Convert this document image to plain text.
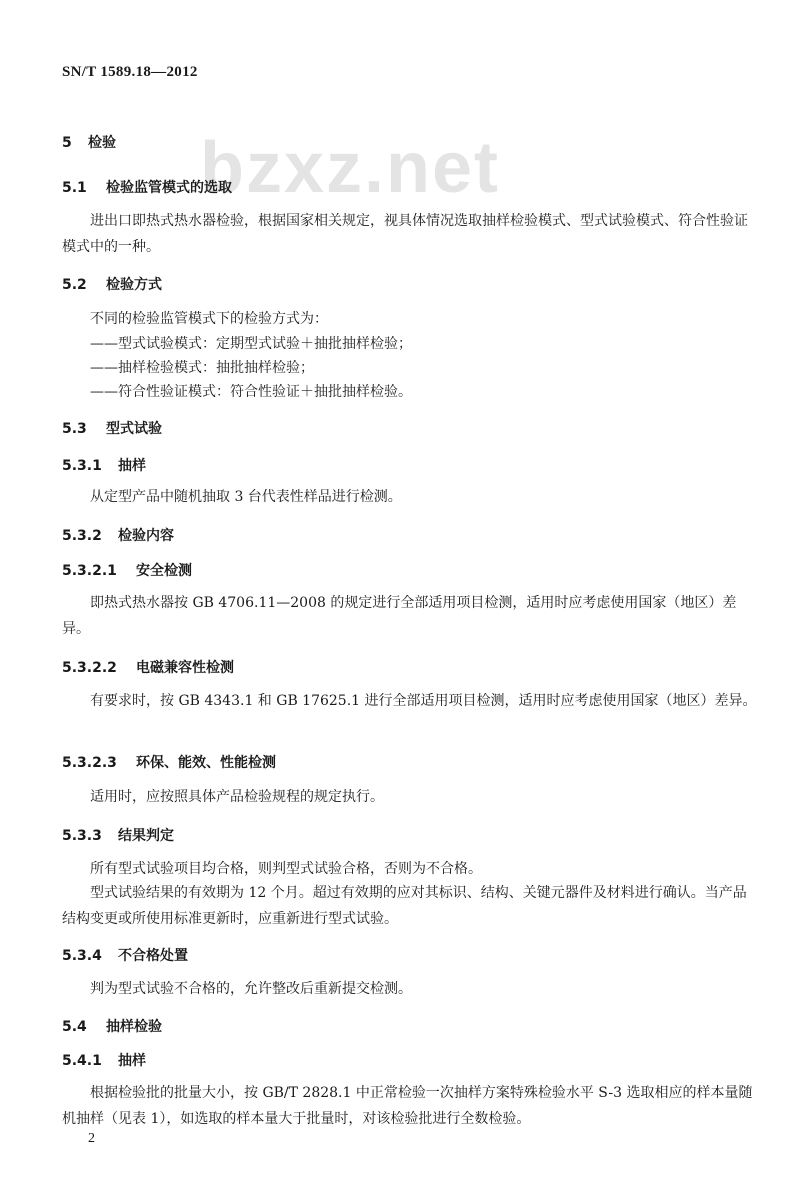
SN/T 1589.18—2012
bzxz.net
5 检验
5.1 检验监管模式的选取
进出口即热式热水器检验，根据国家相关规定，视具体情况选取抽样检验模式、型式试验模式、符合性验证模式中的一种。
5.2 检验方式
不同的检验监管模式下的检验方式为：
——型式试验模式：定期型式试验＋抽批抽样检验；
——抽样检验模式：抽批抽样检验；
——符合性验证模式：符合性验证＋抽批抽样检验。
5.3 型式试验
5.3.1 抽样
从定型产品中随机抽取 3 台代表性样品进行检测。
5.3.2 检验内容
5.3.2.1 安全检测
即热式热水器按 GB 4706.11—2008 的规定进行全部适用项目检测，适用时应考虑使用国家（地区）差异。
5.3.2.2 电磁兼容性检测
有要求时，按 GB 4343.1 和 GB 17625.1 进行全部适用项目检测，适用时应考虑使用国家（地区）差异。
5.3.2.3 环保、能效、性能检测
适用时，应按照具体产品检验规程的规定执行。
5.3.3 结果判定
所有型式试验项目均合格，则判型式试验合格，否则为不合格。
型式试验结果的有效期为 12 个月。超过有效期的应对其标识、结构、关键元器件及材料进行确认。当产品结构变更或所使用标准更新时，应重新进行型式试验。
5.3.4 不合格处置
判为型式试验不合格的，允许整改后重新提交检测。
5.4 抽样检验
5.4.1 抽样
根据检验批的批量大小，按 GB/T 2828.1 中正常检验一次抽样方案特殊检验水平 S-3 选取相应的样本量随机抽样（见表 1），如选取的样本量大于批量时，对该检验批进行全数检验。
2
